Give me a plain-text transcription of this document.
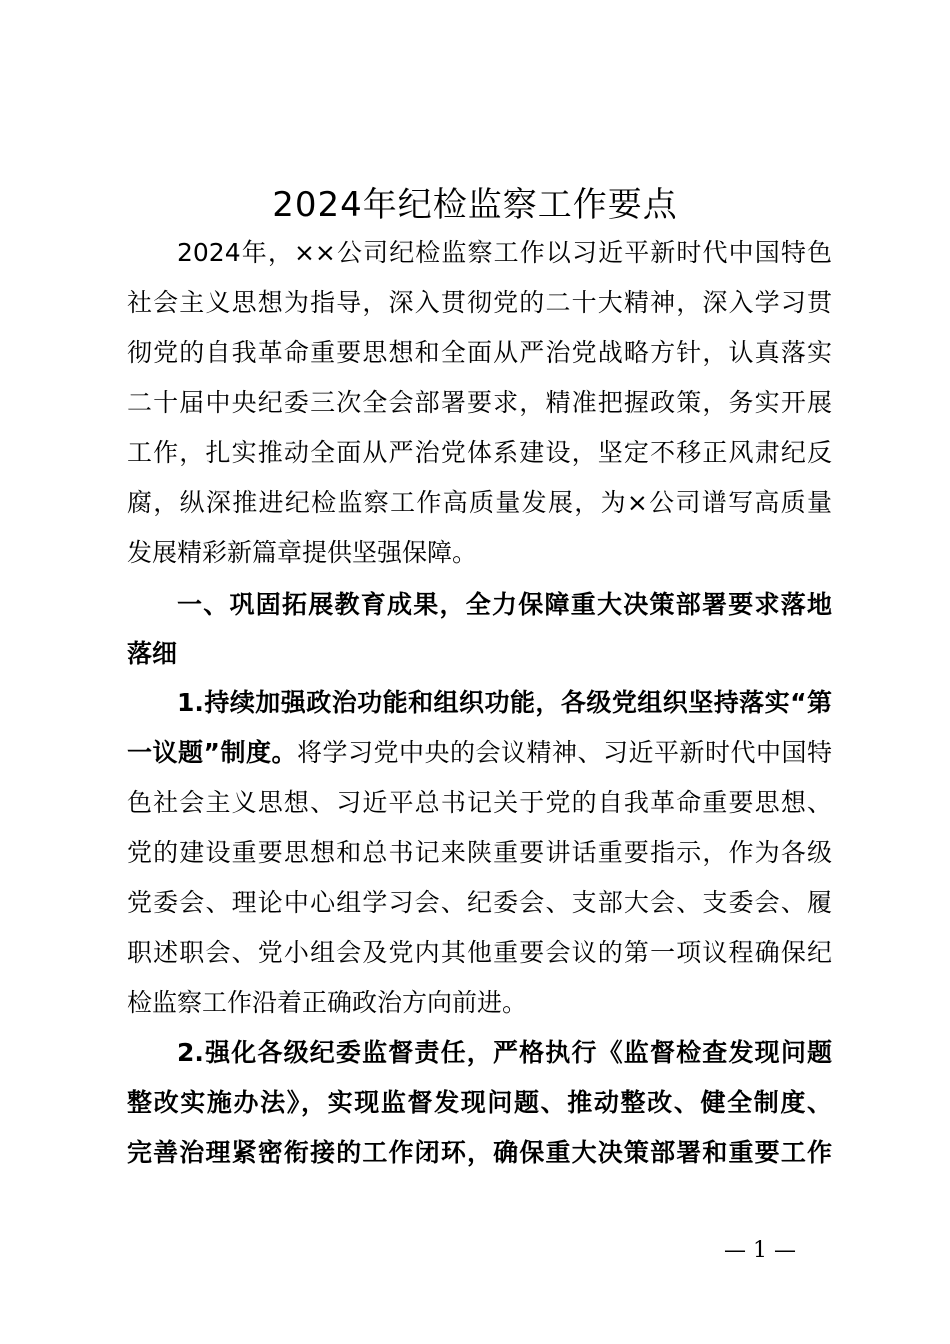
2024年纪检监察工作要点
2024年，××公司纪检监察工作以习近平新时代中国特色
社会主义思想为指导，深入贯彻党的二十大精神，深入学习贯
彻党的自我革命重要思想和全面从严治党战略方针，认真落实
二十届中央纪委三次全会部署要求，精准把握政策，务实开展
工作，扎实推动全面从严治党体系建设，坚定不移正风肃纪反
腐，纵深推进纪检监察工作高质量发展，为×公司谱写高质量
发展精彩新篇章提供坚强保障。
一、巩固拓展教育成果，全力保障重大决策部署要求落地
落细
1.持续加强政治功能和组织功能，各级党组织坚持落实“第
一议题”制度。将学习党中央的会议精神、习近平新时代中国特
色社会主义思想、习近平总书记关于党的自我革命重要思想、
党的建设重要思想和总书记来陕重要讲话重要指示，作为各级
党委会、理论中心组学习会、纪委会、支部大会、支委会、履
职述职会、党小组会及党内其他重要会议的第一项议程确保纪
检监察工作沿着正确政治方向前进。
2.强化各级纪委监督责任，严格执行《监督检查发现问题
整改实施办法》，实现监督发现问题、推动整改、健全制度、
完善治理紧密衔接的工作闭环，确保重大决策部署和重要工作
— 1 —
